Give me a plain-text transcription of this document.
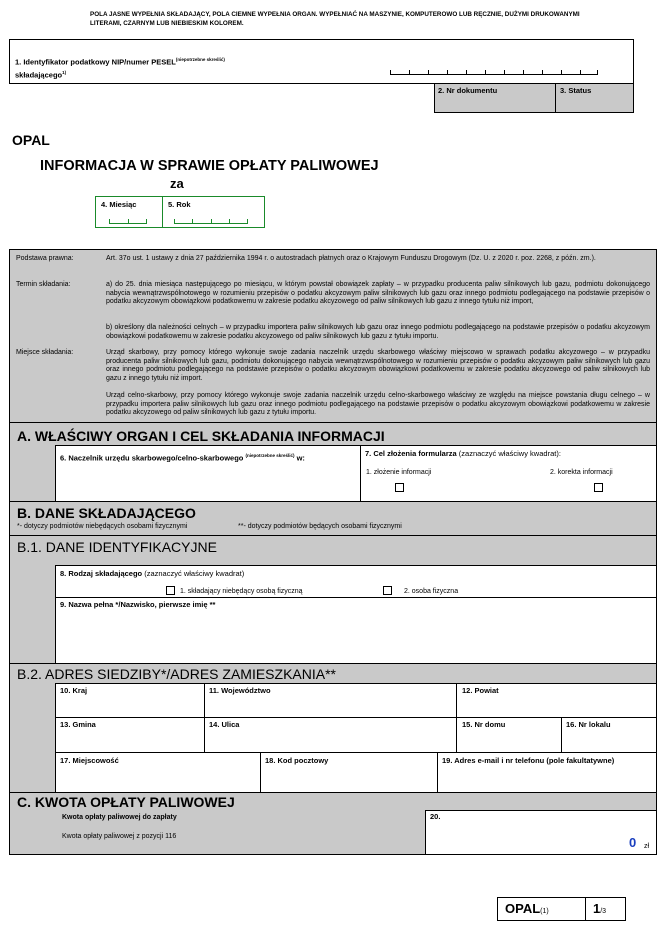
POLA JASNE WYPEŁNIA SKŁADAJĄCY, POLA CIEMNE WYPEŁNIA ORGAN. WYPEŁNIAĆ NA MASZYNIE, KOMPUTEROWO LUB RĘCZNIE, DUŻYMI DRUKOWANYMI LITERAMI, CZARNYM LUB NIEBIESKIM KOLOREM.
1. Identyfikator podatkowy NIP/numer $PESEL^{(niepotrzebne skreślić)}$
składającego$^{1)}$
2. Nr dokumentu	3. Status
OPAL
INFORMACJA W SPRAWIE OPŁATY PALIWOWEJ
za
4. Miesiąc	5. Rok
Podstawa prawna:	Art. 37o ust. 1 ustawy z dnia 27 października 1994 r. o autostradach płatnych oraz o Krajowym Funduszu Drogowym (Dz. U. z 2020 r. poz. 2268, z późn. zm.).
Termin składania:	a) do 25. dnia miesiąca następującego po miesiącu, w którym powstał obowiązek zapłaty – w przypadku producenta paliw silnikowych lub gazu, podmiotu dokonującego nabycia wewnątrzwspólnotowego w rozumieniu przepisów o podatku akcyzowym paliw silnikowych lub gazu oraz innego podmiotu podlegającego na podstawie przepisów o podatku akcyzowym obowiązkowi podatkowemu w zakresie podatku akcyzowego od paliw silnikowych lub gazu z innego tytułu niż import,
b) określony dla należności celnych – w przypadku importera paliw silnikowych lub gazu oraz innego podmiotu podlegającego na podstawie przepisów o podatku akcyzowym obowiązkowi podatkowemu w zakresie podatku akcyzowego od paliw silnikowych lub gazu z tytułu importu.
Miejsce składania:	Urząd skarbowy, przy pomocy którego wykonuje swoje zadania naczelnik urzędu skarbowego właściwy miejscowo w sprawach podatku akcyzowego – w przypadku producenta paliw silnikowych lub gazu, podmiotu dokonującego nabycia wewnątrzwspólnotowego w rozumieniu przepisów o podatku akcyzowym paliw silnikowych lub gazu oraz innego podmiotu podlegającego na podstawie przepisów o podatku akcyzowym obowiązkowi podatkowemu w zakresie podatku akcyzowego od paliw silnikowych lub gazu z innego tytułu niż import.
Urząd celno-skarbowy, przy pomocy którego wykonuje swoje zadania naczelnik urzędu celno-skarbowego właściwy ze względu na miejsce powstania długu celnego – w przypadku importera paliw silnikowych lub gazu oraz innego podmiotu podlegającego na podstawie przepisów o podatku akcyzowym obowiązkowi podatkowemu w zakresie podatku akcyzowego od paliw silnikowych lub gazu z tytułu importu.
A. WŁAŚCIWY ORGAN I CEL SKŁADANIA INFORMACJI
6. Naczelnik urzędu skarbowego/celno-skarbowego $^{(niepotrzebne skreślić)}$ w:	7. Cel złożenia formularza (zaznaczyć właściwy kwadrat):
1. złożenie informacji	2. korekta informacji
B. DANE SKŁADAJĄCEGO
*- dotyczy podmiotów niebędących osobami fizycznymi	**- dotyczy podmiotów będących osobami fizycznymi
B.1. DANE IDENTYFIKACYJNE
8. Rodzaj składającego (zaznaczyć właściwy kwadrat)
1. składający niebędący osobą fizyczną	2. osoba fizyczna
9. Nazwa pełna */Nazwisko, pierwsze imię **
B.2. ADRES SIEDZIBY*/ADRES ZAMIESZKANIA**
10. Kraj	11. Województwo	12. Powiat
13. Gmina	14. Ulica	15. Nr domu	16. Nr lokalu
17. Miejscowość	18. Kod pocztowy	19. Adres e-mail i nr telefonu (pole fakultatywne)
C. KWOTA OPŁATY PALIWOWEJ
Kwota opłaty paliwowej do zapłaty
Kwota opłaty paliwowej z pozycji 116
20.
0 zł
OPAL(1)	1/3
